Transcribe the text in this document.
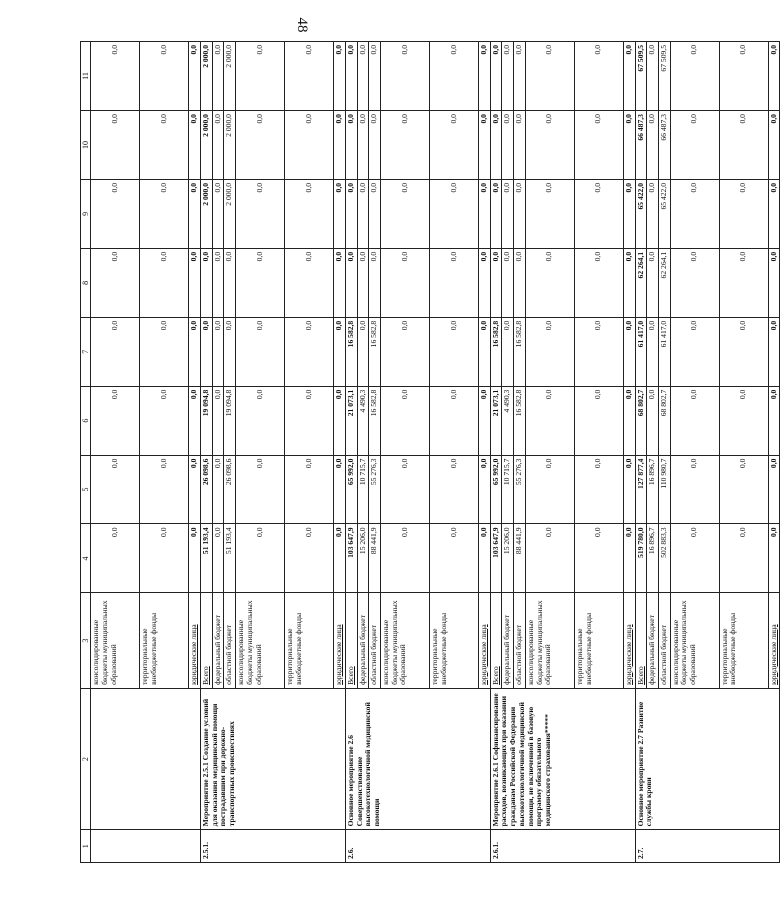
48
1	2	3	4	5	6	7	8	9	10	11
		консолидированные бюджеты муниципальных образований	0,0	0,0	0,0	0,0	0,0	0,0	0,0	0,0
		территориальные внебюджетные фонды	0,0	0,0	0,0	0,0	0,0	0,0	0,0	0,0
		юридические лица	0,0	0,0	0,0	0,0	0,0	0,0	0,0	0,0
2.5.1.	Мероприятие 2.5.1 Создание условий для оказания медицинской помощи пострадавшим при дорожно-транспортных происшествиях	Всего	51 193,4	26 098,6	19 094,8	0,0	0,0	2 000,0	2 000,0	2 000,0
		федеральный бюджет	0,0	0,0	0,0	0,0	0,0	0,0	0,0	0,0
		областной бюджет	51 193,4	26 098,6	19 094,8	0,0	0,0	2 000,0	2 000,0	2 000,0
		консолидированные бюджеты муниципальных образований	0,0	0,0	0,0	0,0	0,0	0,0	0,0	0,0
		территориальные внебюджетные фонды	0,0	0,0	0,0	0,0	0,0	0,0	0,0	0,0
		юридические лица	0,0	0,0	0,0	0,0	0,0	0,0	0,0	0,0
2.6.	Основное мероприятие 2.6 Совершенствование высокотехнологичной медицинской помощи	Всего	103 647,9	65 992,0	21 073,1	16 582,8	0,0	0,0	0,0	0,0
		федеральный бюджет	15 206,0	10 715,7	4 490,3	0,0	0,0	0,0	0,0	0,0
		областной бюджет	88 441,9	55 276,3	16 582,8	16 582,8	0,0	0,0	0,0	0,0
		консолидированные бюджеты муниципальных образований	0,0	0,0	0,0	0,0	0,0	0,0	0,0	0,0
		территориальные внебюджетные фонды	0,0	0,0	0,0	0,0	0,0	0,0	0,0	0,0
		юридические лица	0,0	0,0	0,0	0,0	0,0	0,0	0,0	0,0
2.6.1.	Мероприятие 2.6.1 Софинансирование расходов, возникающих при оказании гражданам Российской Федерации высокотехнологичной медицинской помощи, не включенной в базовую программу обязательного медицинского страхования*****	Всего	103 647,9	65 992,0	21 073,1	16 582,8	0,0	0,0	0,0	0,0
		федеральный бюджет	15 206,0	10 715,7	4 490,3	0,0	0,0	0,0	0,0	0,0
		областной бюджет	88 441,9	55 276,3	16 582,8	16 582,8	0,0	0,0	0,0	0,0
		консолидированные бюджеты муниципальных образований	0,0	0,0	0,0	0,0	0,0	0,0	0,0	0,0
		территориальные внебюджетные фонды	0,0	0,0	0,0	0,0	0,0	0,0	0,0	0,0
		юридические лица	0,0	0,0	0,0	0,0	0,0	0,0	0,0	0,0
2.7.	Основное мероприятие 2.7 Развитие службы крови	Всего	519 780,0	127 877,4	68 802,7	61 417,0	62 264,1	65 422,0	66 487,3	67 509,5
		федеральный бюджет	16 896,7	16 896,7	0,0	0,0	0,0	0,0	0,0	0,0
		областной бюджет	502 883,3	110 980,7	68 802,7	61 417,0	62 264,1	65 422,0	66 487,3	67 509,5
		консолидированные бюджеты муниципальных образований	0,0	0,0	0,0	0,0	0,0	0,0	0,0	0,0
		территориальные внебюджетные фонды	0,0	0,0	0,0	0,0	0,0	0,0	0,0	0,0
		юридические лица	0,0	0,0	0,0	0,0	0,0	0,0	0,0	0,0
